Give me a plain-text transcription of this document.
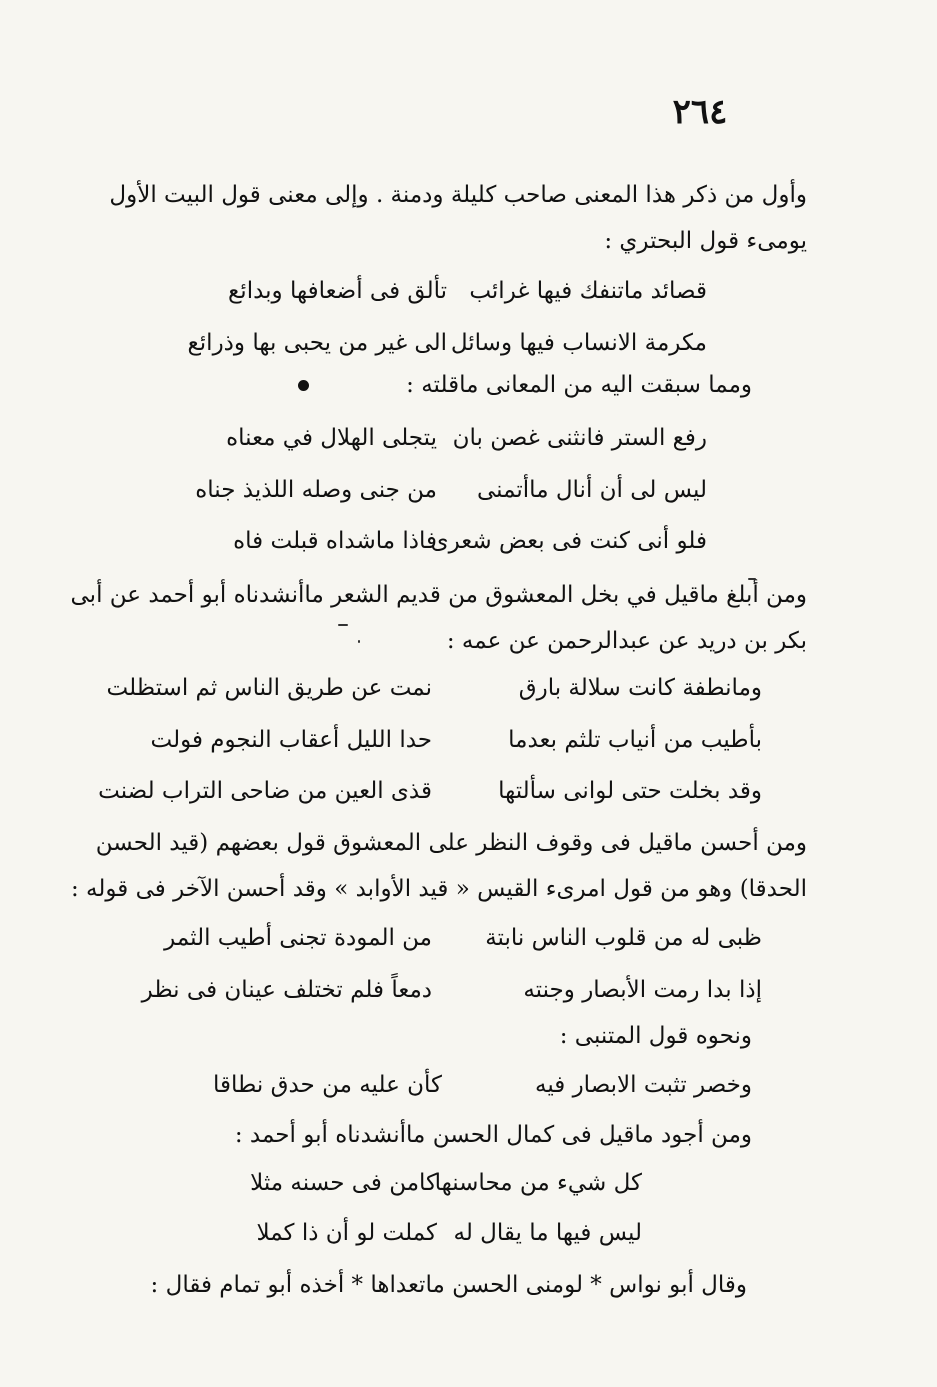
٢٦٤
وأول من ذكر هذا المعنى صاحب كليلة ودمنة . وإلى معنى قول البيت الأول
يومىء قول البحتري :
قصائد ماتنفك فيها غرائب
تألق فى أضعافها وبدائع
مكرمة الانساب فيها وسائل
الى غير من يحبى بها وذرائع
ومما سبقت اليه من المعانى ماقلته :
رفع الستر فانثنى غصن بان
يتجلى الهلال في معناه
ليس لى أن أنال ماأتمنى
من جنى وصله اللذيذ جناه
فلو أنى كنت فى بعض شعرى
فاذا ماشداه قبلت فاه
ومن أبلغ ماقيل في بخل المعشوق من قديم الشعر ماأنشدناه أبو أحمد عن أبى
بكر بن دريد عن عبدالرحمن عن عمه :
ومانطفة كانت سلالة بارق
نمت عن طريق الناس ثم استظلت
بأطيب من أنياب تلثم بعدما
حدا الليل أعقاب النجوم فولت
وقد بخلت حتى لوانى سألتها
قذى العين من ضاحى التراب لضنت
ومن أحسن ماقيل فى وقوف النظر على المعشوق قول بعضهم (قيد الحسن
الحدقا) وهو من قول امرىء القيس « قيد الأوابد » وقد أحسن الآخر فى قوله :
ظبى له من قلوب الناس نابتة
من المودة تجنى أطيب الثمر
إذا بدا رمت الأبصار وجنته
دمعاً فلم تختلف عينان فى نظر
ونحوه قول المتنبى :
وخصر تثبت الابصار فيه
كأن عليه من حدق نطاقا
ومن أجود ماقيل فى كمال الحسن ماأنشدناه أبو أحمد :
كل شيء من محاسنها
كامن فى حسنه مثلا
ليس فيها ما يقال له
كملت لو أن ذا كملا
وقال أبو نواس * لومنى الحسن ماتعداها * أخذه أبو تمام فقال :
